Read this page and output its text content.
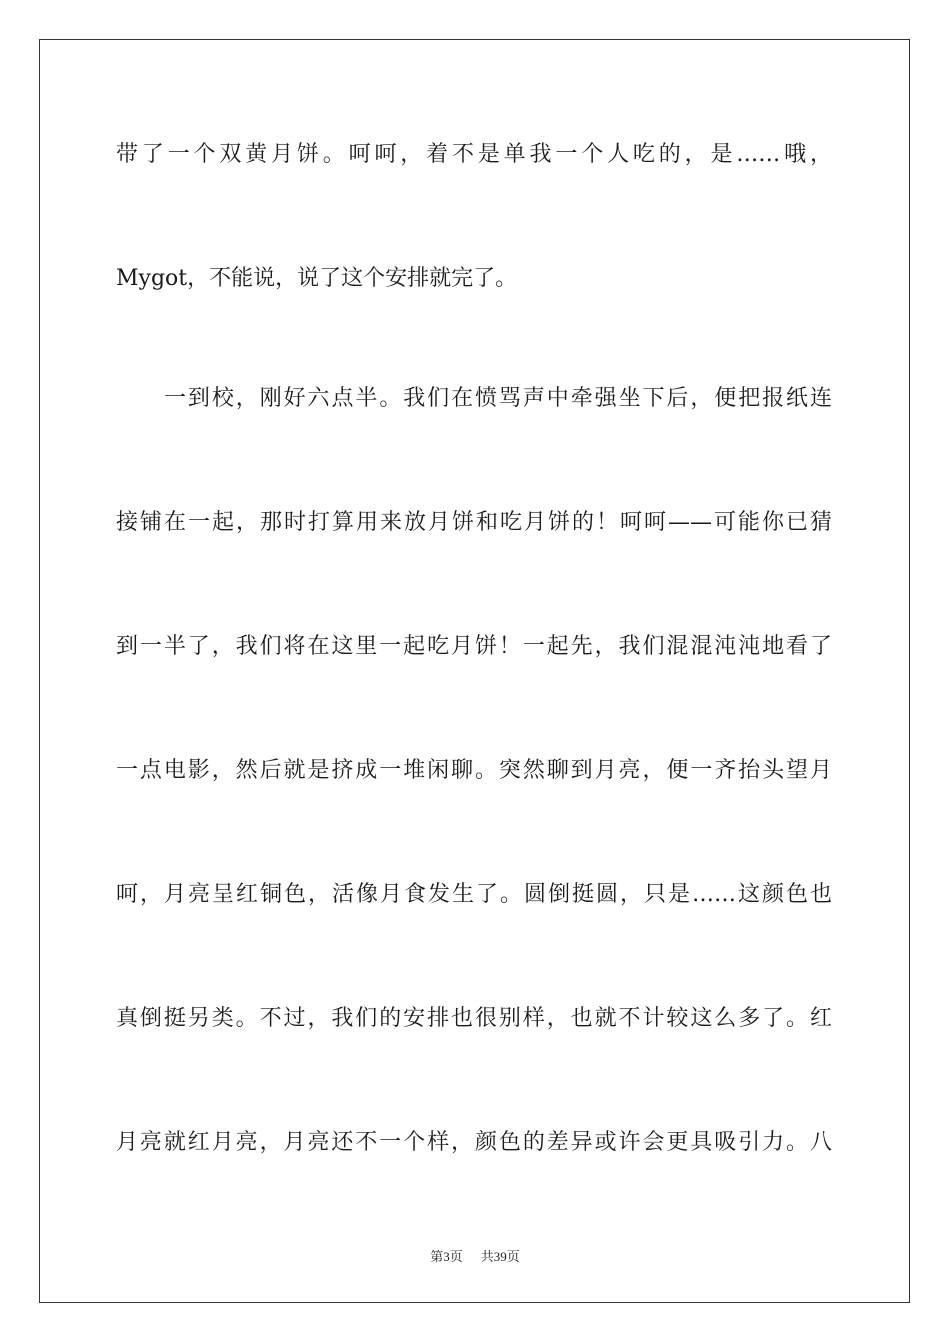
带了一个双黄月饼。呵呵，着不是单我一个人吃的，是……哦，
Mygot，不能说，说了这个安排就完了。
一到校，刚好六点半。我们在愤骂声中牵强坐下后，便把报纸连
接铺在一起，那时打算用来放月饼和吃月饼的！呵呵——可能你已猜
到一半了，我们将在这里一起吃月饼！一起先，我们混混沌沌地看了
一点电影，然后就是挤成一堆闲聊。突然聊到月亮，便一齐抬头望月
呵，月亮呈红铜色，活像月食发生了。圆倒挺圆，只是……这颜色也
真倒挺另类。不过，我们的安排也很别样，也就不计较这么多了。红
月亮就红月亮，月亮还不一个样，颜色的差异或许会更具吸引力。八
第3页 共39页
